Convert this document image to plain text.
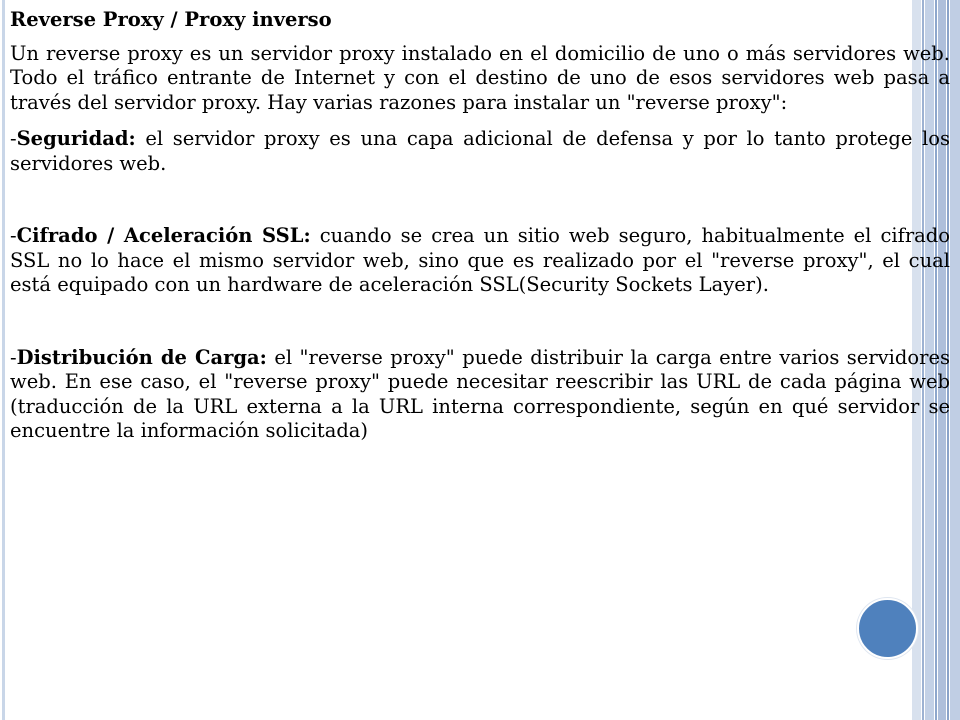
Reverse Proxy / Proxy inverso

Un reverse proxy es un servidor proxy instalado en el domicilio de uno o más servidores web. Todo el tráfico entrante de Internet y con el destino de uno de esos servidores web pasa a través del servidor proxy. Hay varias razones para instalar un "reverse proxy":

-Seguridad: el servidor proxy es una capa adicional de defensa y por lo tanto protege los servidores web.

-Cifrado / Aceleración SSL: cuando se crea un sitio web seguro, habitualmente el cifrado SSL no lo hace el mismo servidor web, sino que es realizado por el "reverse proxy", el cual está equipado con un hardware de aceleración SSL(Security Sockets Layer).

-Distribución de Carga: el "reverse proxy" puede distribuir la carga entre varios servidores web. En ese caso, el "reverse proxy" puede necesitar reescribir las URL de cada página web (traducción de la URL externa a la URL interna correspondiente, según en qué servidor se encuentre la información solicitada)
